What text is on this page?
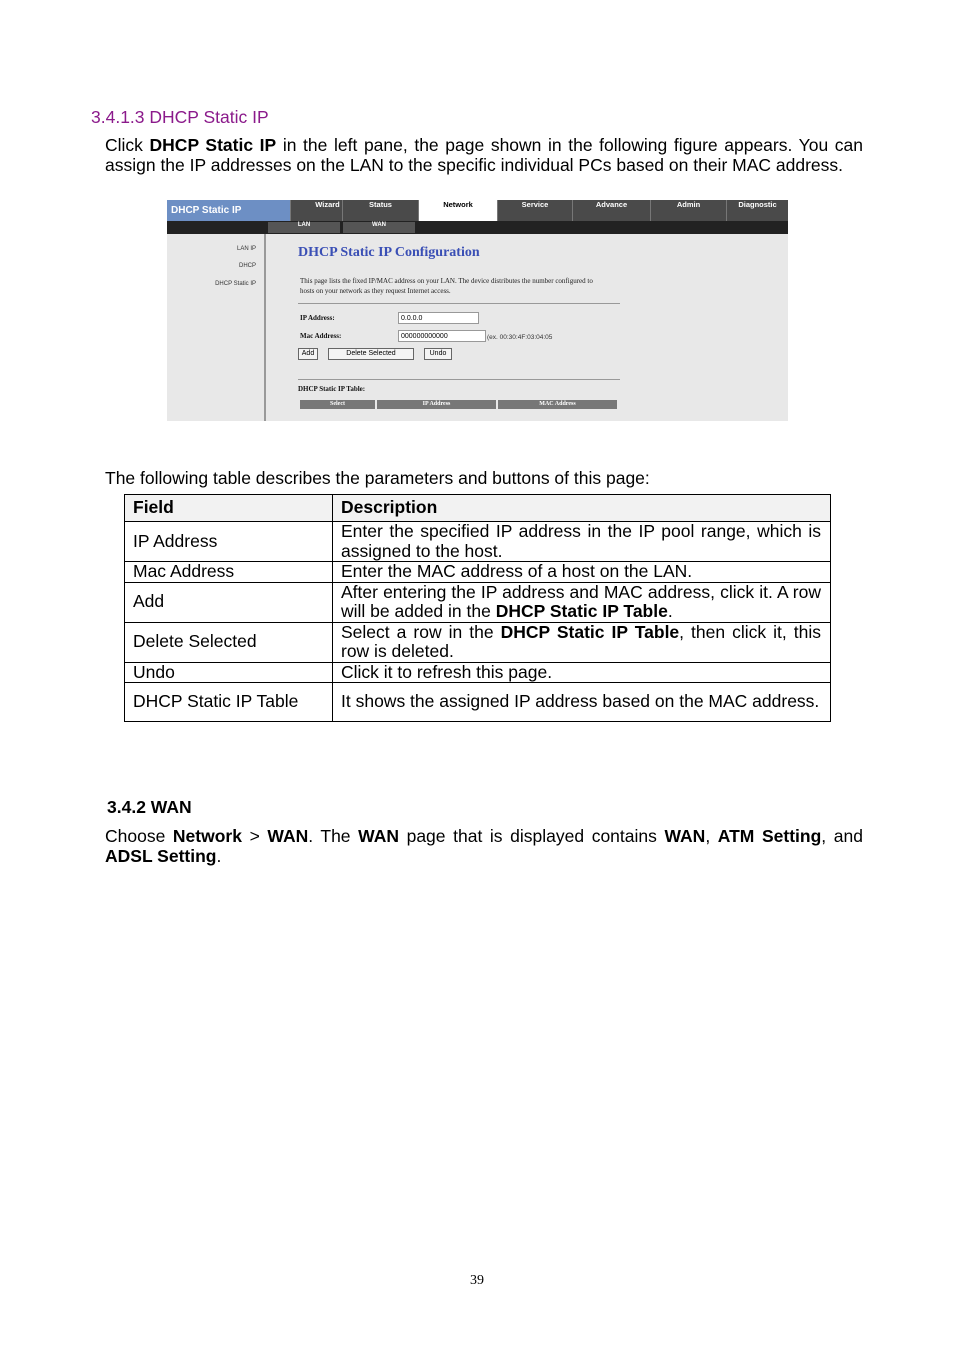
3.4.1.3 DHCP Static IP
Click DHCP Static IP in the left pane, the page shown in the following figure appears. You can assign the IP addresses on the LAN to the specific individual PCs based on their MAC address.
DHCP Static IP
Wizard	Status	Network	Service	Advance	Admin	Diagnostic
LAN	WAN
LAN IP
DHCP
DHCP Static IP
DHCP Static IP Configuration
This page lists the fixed IP/MAC address on your LAN. The device distributes the number configured to hosts on your network as they request Internet access.
IP Address:	0.0.0.0
Mac Address:	000000000000	(ex. 00:30:4F:03:04:05
Add	Delete Selected	Undo
DHCP Static IP Table:
Select	IP Address	MAC Address
The following table describes the parameters and buttons of this page:
Field	Description
IP Address	Enter the specified IP address in the IP pool range, which is assigned to the host.
Mac Address	Enter the MAC address of a host on the LAN.
Add	After entering the IP address and MAC address, click it. A row will be added in the DHCP Static IP Table.
Delete Selected	Select a row in the DHCP Static IP Table, then click it, this row is deleted.
Undo	Click it to refresh this page.
DHCP Static IP Table	It shows the assigned IP address based on the MAC address.
3.4.2 WAN
Choose Network > WAN. The WAN page that is displayed contains WAN, ATM Setting, and ADSL Setting.
39
